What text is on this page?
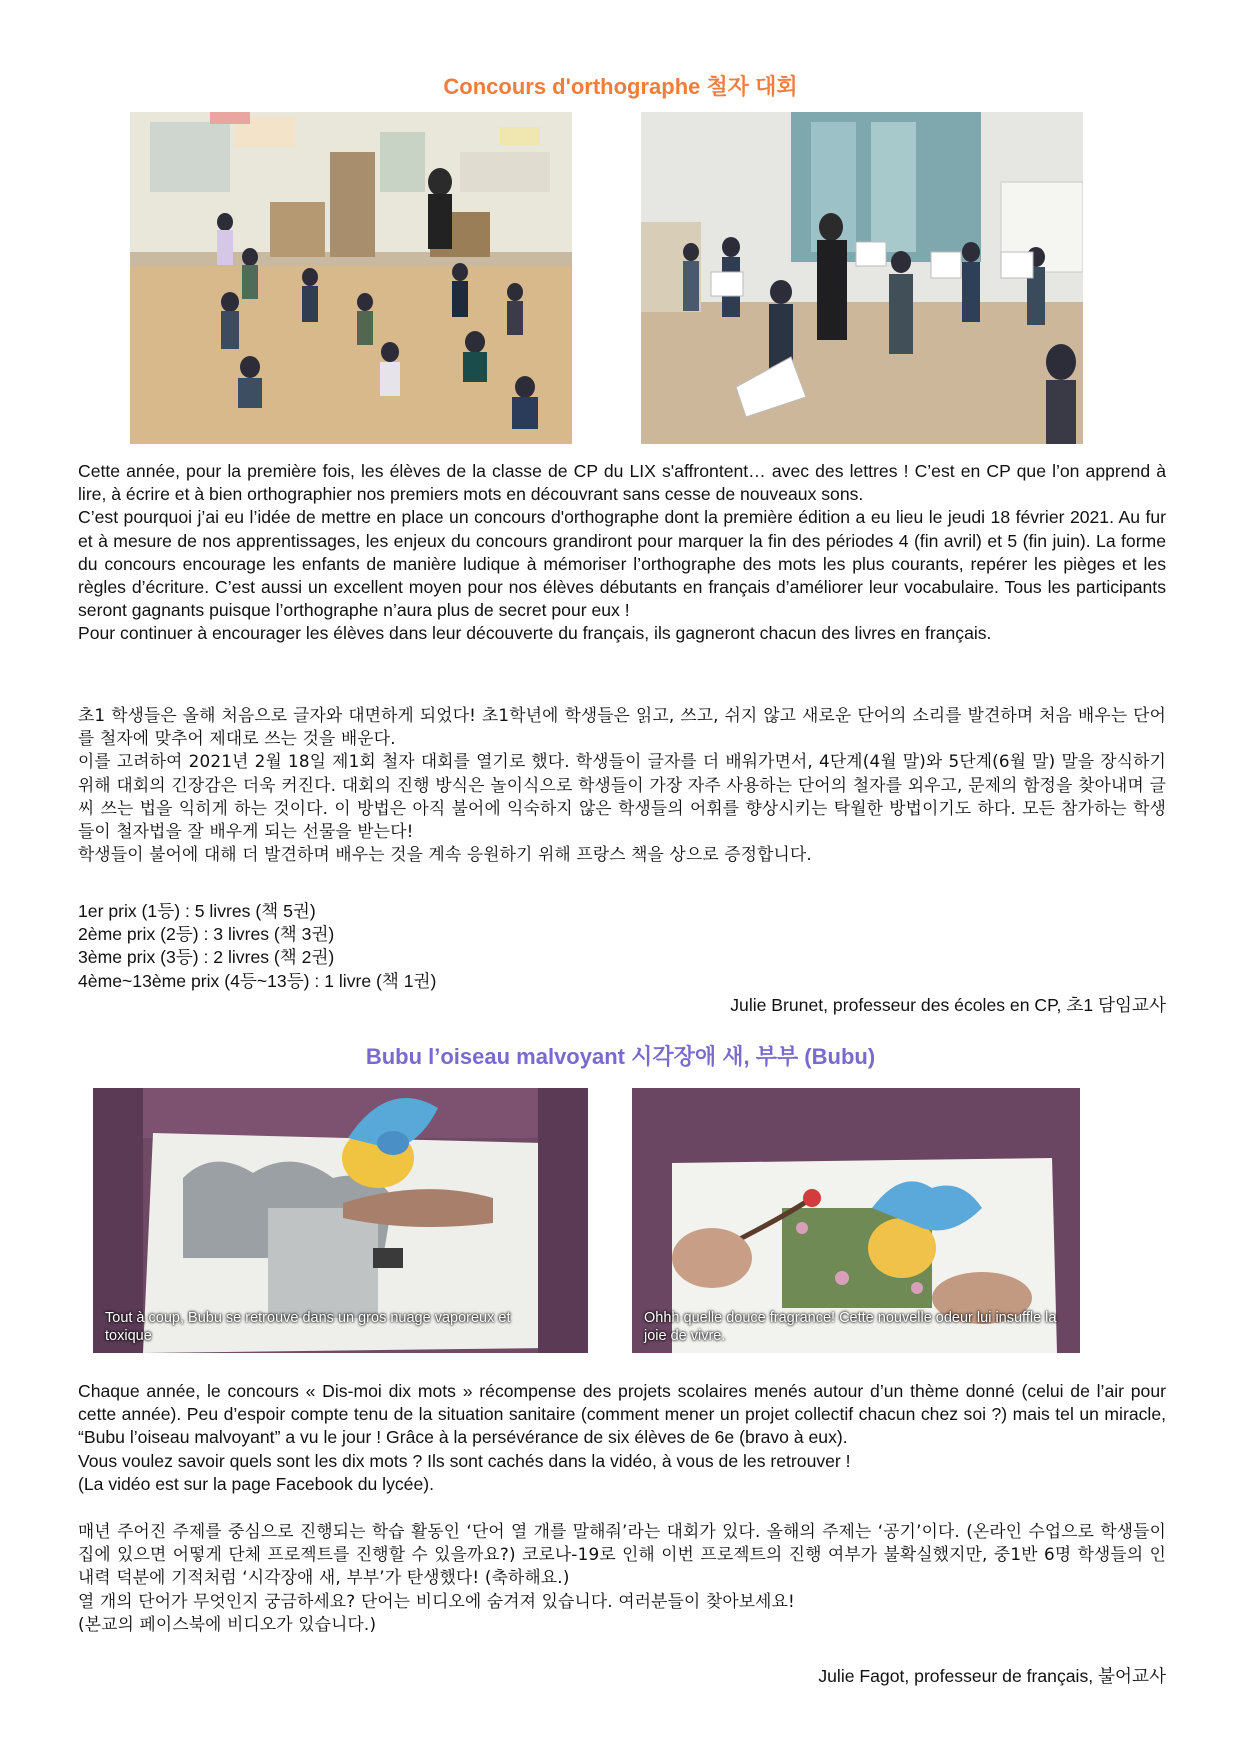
Concours d'orthographe 철자 대회

Cette année, pour la première fois, les élèves de la classe de CP du LIX s'affrontent… avec des lettres ! C’est en CP que l’on apprend à lire, à écrire et à bien orthographier nos premiers mots en découvrant sans cesse de nouveaux sons.

C’est pourquoi j’ai eu l’idée de mettre en place un concours d'orthographe dont la première édition a eu lieu le jeudi 18 février 2021. Au fur et à mesure de nos apprentissages, les enjeux du concours grandiront pour marquer la fin des périodes 4 (fin avril) et 5 (fin juin). La forme du concours encourage les enfants de manière ludique à mémoriser l’orthographe des mots les plus courants, repérer les pièges et les règles d’écriture. C’est aussi un excellent moyen pour nos élèves débutants en français d’améliorer leur vocabulaire. Tous les participants seront gagnants puisque l’orthographe n’aura plus de secret pour eux !

Pour continuer à encourager les élèves dans leur découverte du français, ils gagneront chacun des livres en français.

초1 학생들은 올해 처음으로 글자와 대면하게 되었다! 초1학년에 학생들은 읽고, 쓰고, 쉬지 않고 새로운 단어의 소리를 발견하며 처음 배우는 단어를 철자에 맞추어 제대로 쓰는 것을 배운다.

이를 고려하여 2021년 2월 18일 제1회 철자 대회를 열기로 했다. 학생들이 글자를 더 배워가면서, 4단계(4월 말)와 5단계(6월 말) 말을 장식하기 위해 대회의 긴장감은 더욱 커진다. 대회의 진행 방식은 놀이식으로 학생들이 가장 자주 사용하는 단어의 철자를 외우고, 문제의 함정을 찾아내며 글씨 쓰는 법을 익히게 하는 것이다. 이 방법은 아직 불어에 익숙하지 않은 학생들의 어휘를 향상시키는 탁월한 방법이기도 하다. 모든 참가하는 학생들이 철자법을 잘 배우게 되는 선물을 받는다!

학생들이 불어에 대해 더 발견하며 배우는 것을 계속 응원하기 위해 프랑스 책을 상으로 증정합니다.

1er prix (1등) : 5 livres (책 5권)
2ème prix (2등) : 3 livres (책 3권)
3ème prix (3등) : 2 livres (책 2권)
4ème~13ème prix (4등~13등) : 1 livre (책 1권)
Julie Brunet, professeur des écoles en CP, 초1 담임교사
Bubu l’oiseau malvoyant 시각장애 새, 부부 (Bubu)
Tout à coup, Bubu se retrouve dans un gros nuage vaporeux et toxique
Ohhh quelle douce fragrance! Cette nouvelle odeur lui insuffle la joie de vivre.

Chaque année, le concours « Dis-moi dix mots » récompense des projets scolaires menés autour d’un thème donné (celui de l’air pour cette année). Peu d’espoir compte tenu de la situation sanitaire (comment mener un projet collectif chacun chez soi ?) mais tel un miracle, “Bubu l’oiseau malvoyant” a vu le jour ! Grâce à la persévérance de six élèves de 6e (bravo à eux).

Vous voulez savoir quels sont les dix mots ? Ils sont cachés dans la vidéo, à vous de les retrouver !

(La vidéo est sur la page Facebook du lycée).

매년 주어진 주제를 중심으로 진행되는 학습 활동인 ‘단어 열 개를 말해줘’라는 대회가 있다. 올해의 주제는 ‘공기’이다. (온라인 수업으로 학생들이 집에 있으면 어떻게 단체 프로젝트를 진행할 수 있을까요?) 코로나-19로 인해 이번 프로젝트의 진행 여부가 불확실했지만, 중1반 6명 학생들의 인내력 덕분에 기적처럼 ‘시각장애 새, 부부’가 탄생했다! (축하해요.)

열 개의 단어가 무엇인지 궁금하세요? 단어는 비디오에 숨겨져 있습니다. 여러분들이 찾아보세요!

(본교의 페이스북에 비디오가 있습니다.)

Julie Fagot, professeur de français, 불어교사
